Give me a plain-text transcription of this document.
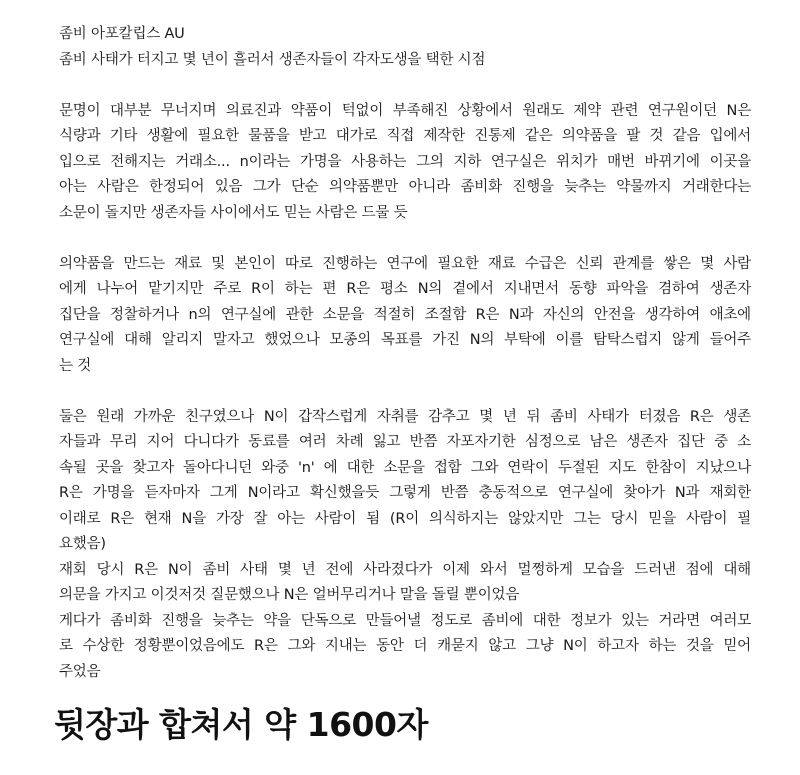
좀비 아포칼립스 AU
좀비 사태가 터지고 몇 년이 흘러서 생존자들이 각자도생을 택한 시점
문명이 대부분 무너지며 의료진과 약품이 턱없이 부족해진 상황에서 원래도 제약 관련 연구원이던 N은
식량과 기타 생활에 필요한 물품을 받고 대가로 직접 제작한 진통제 같은 의약품을 팔 것 같음 입에서
입으로 전해지는 거래소... n이라는 가명을 사용하는 그의 지하 연구실은 위치가 매번 바뀌기에 이곳을
아는 사람은 한정되어 있음 그가 단순 의약품뿐만 아니라 좀비화 진행을 늦추는 약물까지 거래한다는
소문이 돌지만 생존자들 사이에서도 믿는 사람은 드물 듯
의약품을 만드는 재료 및 본인이 따로 진행하는 연구에 필요한 재료 수급은 신뢰 관계를 쌓은 몇 사람
에게 나누어 맡기지만 주로 R이 하는 편 R은 평소 N의 곁에서 지내면서 동향 파악을 겸하여 생존자
집단을 정찰하거나 n의 연구실에 관한 소문을 적절히 조절함 R은 N과 자신의 안전을 생각하여 애초에
연구실에 대해 알리지 말자고 했었으나 모종의 목표를 가진 N의 부탁에 이를 탐탁스럽지 않게 들어주
는 것
둘은 원래 가까운 친구였으나 N이 갑작스럽게 자취를 감추고 몇 년 뒤 좀비 사태가 터졌음 R은 생존
자들과 무리 지어 다니다가 동료를 여러 차례 잃고 반쯤 자포자기한 심정으로 남은 생존자 집단 중 소
속될 곳을 찾고자 돌아다니던 와중 'n' 에 대한 소문을 접함 그와 연락이 두절된 지도 한참이 지났으나
R은 가명을 듣자마자 그게 N이라고 확신했을듯 그렇게 반쯤 충동적으로 연구실에 찾아가 N과 재회한
이래로 R은 현재 N을 가장 잘 아는 사람이 됨 (R이 의식하지는 않았지만 그는 당시 믿을 사람이 필
요했음)
재회 당시 R은 N이 좀비 사태 몇 년 전에 사라졌다가 이제 와서 멀쩡하게 모습을 드러낸 점에 대해
의문을 가지고 이것저것 질문했으나 N은 얼버무리거나 말을 돌릴 뿐이었음
게다가 좀비화 진행을 늦추는 약을 단독으로 만들어낼 정도로 좀비에 대한 정보가 있는 거라면 여러모
로 수상한 정황뿐이었음에도 R은 그와 지내는 동안 더 캐묻지 않고 그냥 N이 하고자 하는 것을 믿어
주었음
뒷장과 합쳐서 약 1600자
